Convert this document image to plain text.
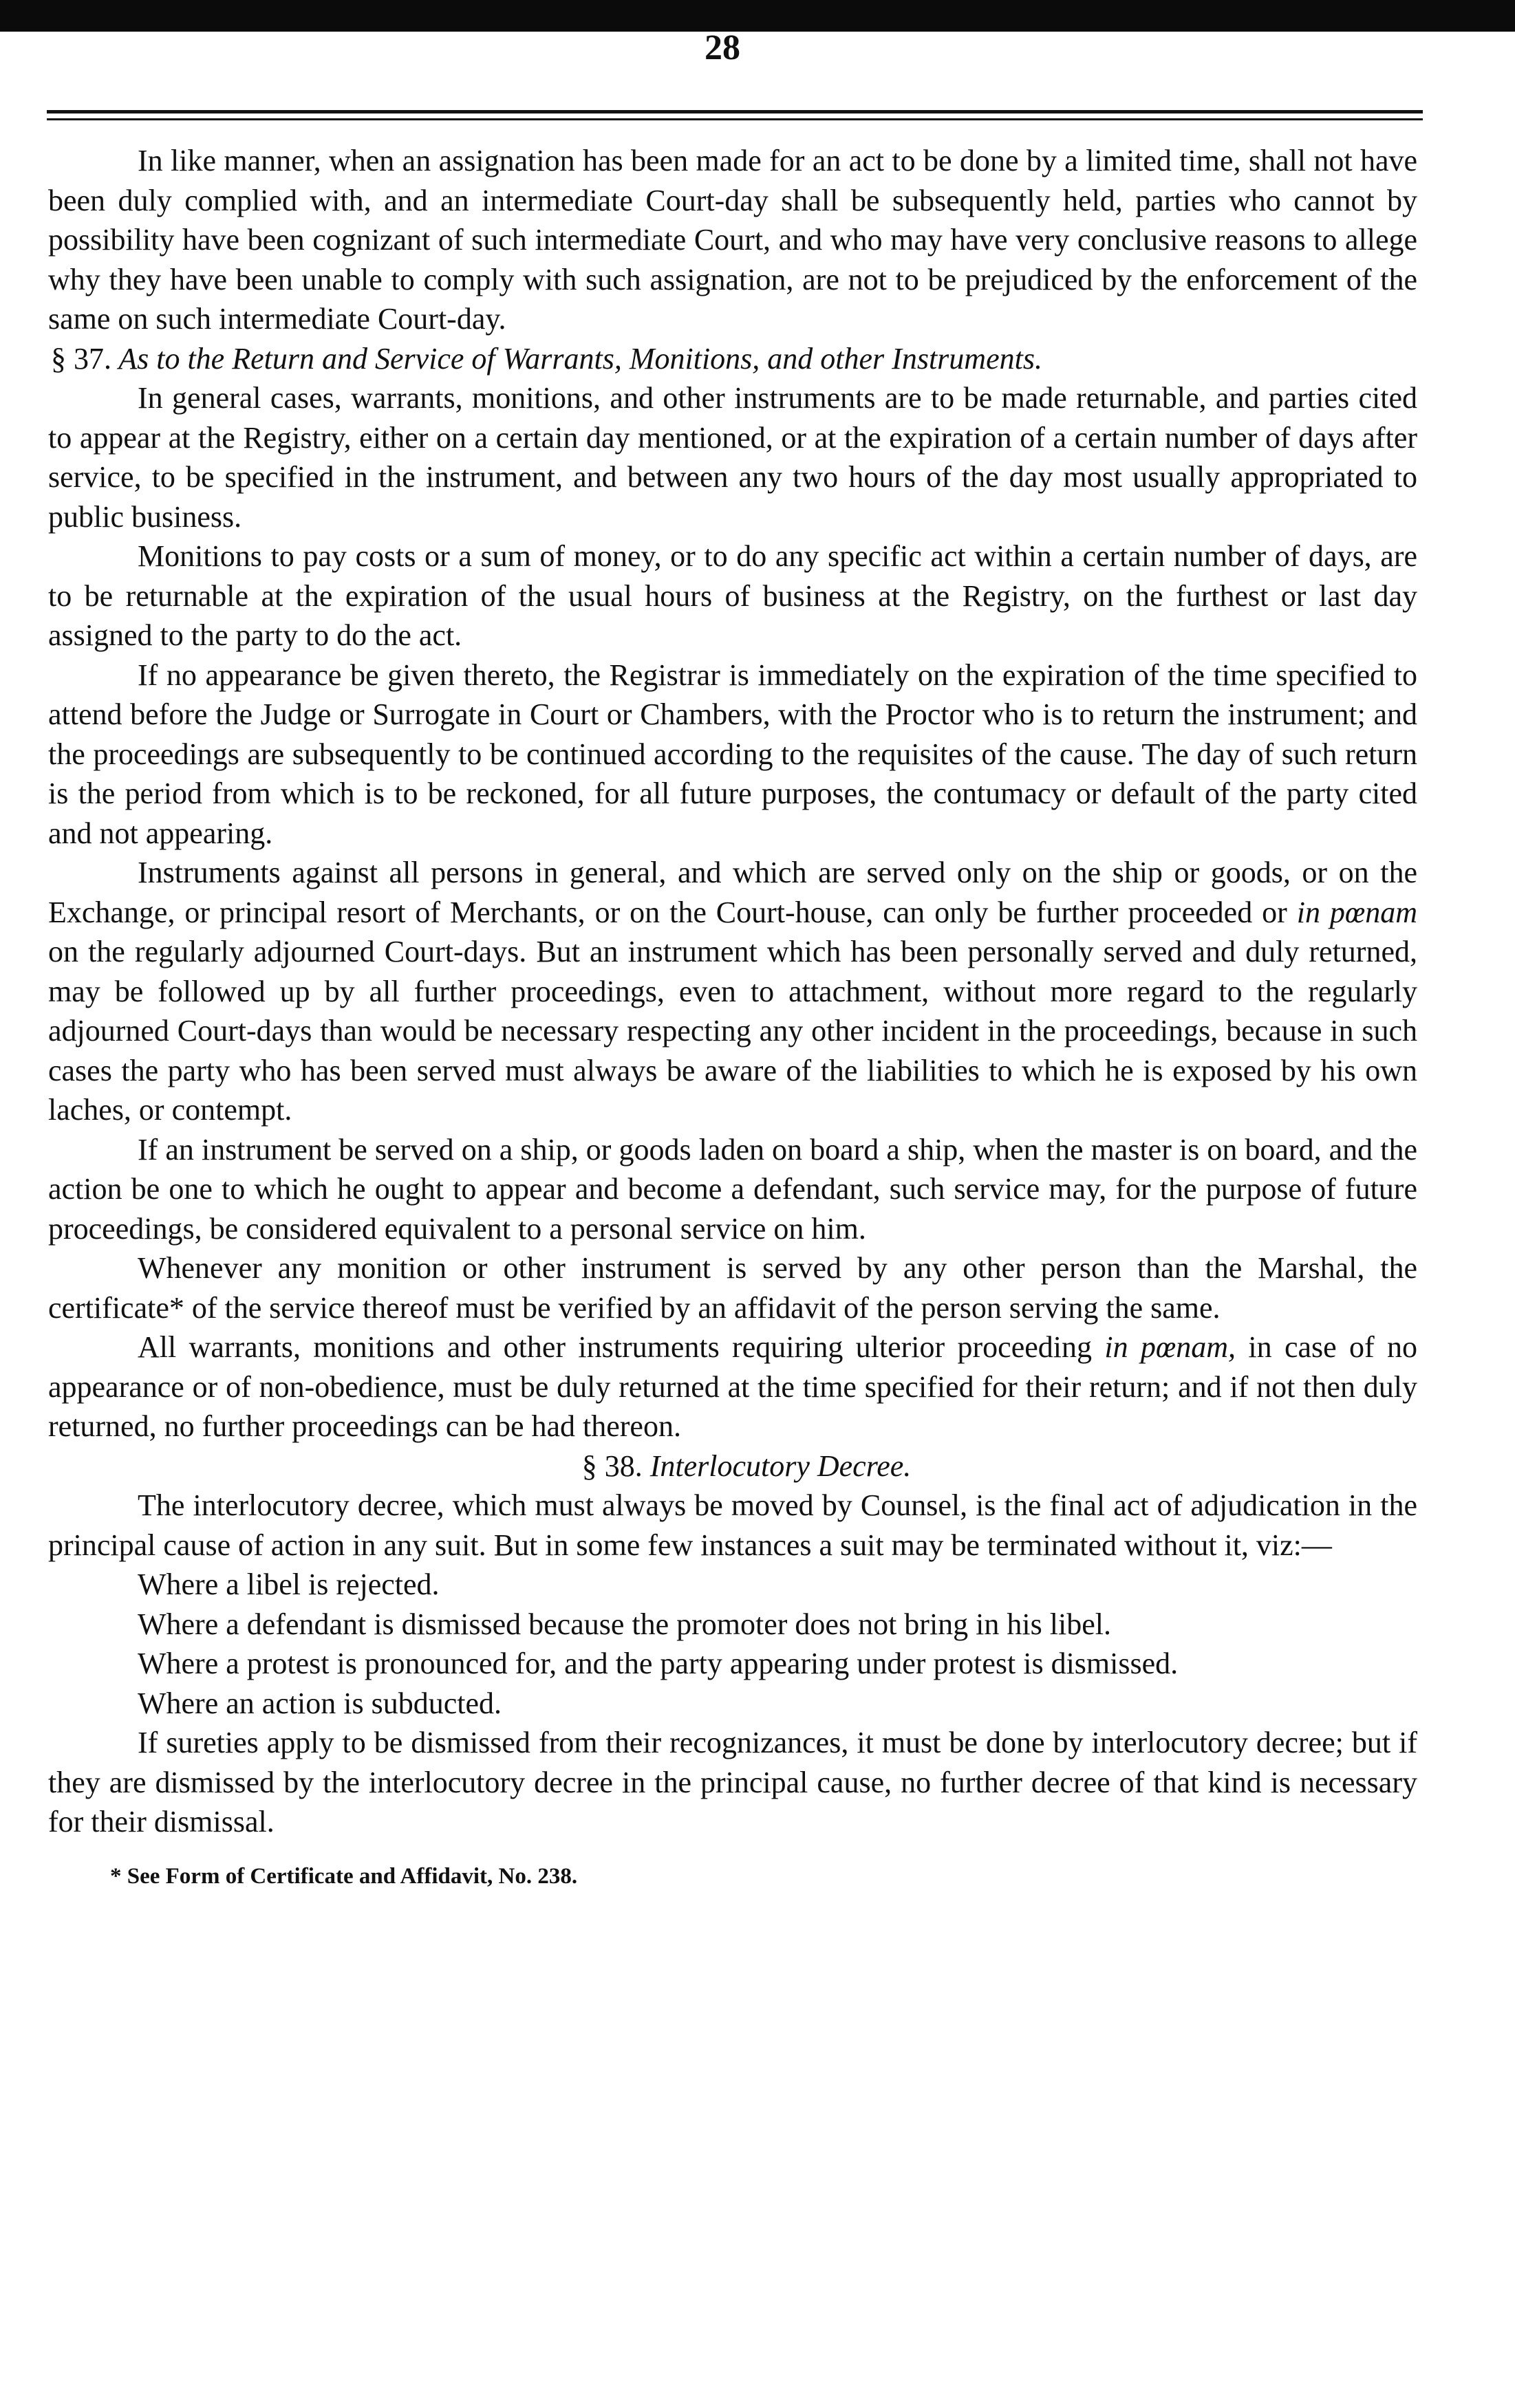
28

In like manner, when an assignation has been made for an act to be done by a limited time, shall not have been duly complied with, and an intermediate Court-day shall be subsequently held, parties who cannot by possibility have been cognizant of such intermediate Court, and who may have very conclusive reasons to allege why they have been unable to comply with such assignation, are not to be prejudiced by the enforcement of the same on such intermediate Court-day.

§ 37. As to the Return and Service of Warrants, Monitions, and other Instruments.

In general cases, warrants, monitions, and other instruments are to be made returnable, and parties cited to appear at the Registry, either on a certain day mentioned, or at the expiration of a certain number of days after service, to be specified in the instrument, and between any two hours of the day most usually appropriated to public business.

Monitions to pay costs or a sum of money, or to do any specific act within a certain number of days, are to be returnable at the expiration of the usual hours of business at the Registry, on the furthest or last day assigned to the party to do the act.

If no appearance be given thereto, the Registrar is immediately on the expiration of the time specified to attend before the Judge or Surrogate in Court or Chambers, with the Proctor who is to return the instrument; and the proceedings are subsequently to be continued according to the requisites of the cause. The day of such return is the period from which is to be reckoned, for all future purposes, the contumacy or default of the party cited and not appearing.

Instruments against all persons in general, and which are served only on the ship or goods, or on the Exchange, or principal resort of Merchants, or on the Court-house, can only be further proceeded or in pœnam on the regularly adjourned Court-days. But an instrument which has been personally served and duly returned, may be followed up by all further proceedings, even to attachment, without more regard to the regularly adjourned Court-days than would be necessary respecting any other incident in the proceedings, because in such cases the party who has been served must always be aware of the liabilities to which he is exposed by his own laches, or contempt.

If an instrument be served on a ship, or goods laden on board a ship, when the master is on board, and the action be one to which he ought to appear and become a defendant, such service may, for the purpose of future proceedings, be considered equivalent to a personal service on him.

Whenever any monition or other instrument is served by any other person than the Marshal, the certificate* of the service thereof must be verified by an affidavit of the person serving the same.

All warrants, monitions and other instruments requiring ulterior proceeding in pœnam, in case of no appearance or of non-obedience, must be duly returned at the time specified for their return; and if not then duly returned, no further proceedings can be had thereon.

§ 38. Interlocutory Decree.

The interlocutory decree, which must always be moved by Counsel, is the final act of adjudication in the principal cause of action in any suit. But in some few instances a suit may be terminated without it, viz:—

Where a libel is rejected.

Where a defendant is dismissed because the promoter does not bring in his libel.

Where a protest is pronounced for, and the party appearing under protest is dismissed.

Where an action is subducted.

If sureties apply to be dismissed from their recognizances, it must be done by interlocutory decree; but if they are dismissed by the interlocutory decree in the principal cause, no further decree of that kind is necessary for their dismissal.

* See Form of Certificate and Affidavit, No. 238.
